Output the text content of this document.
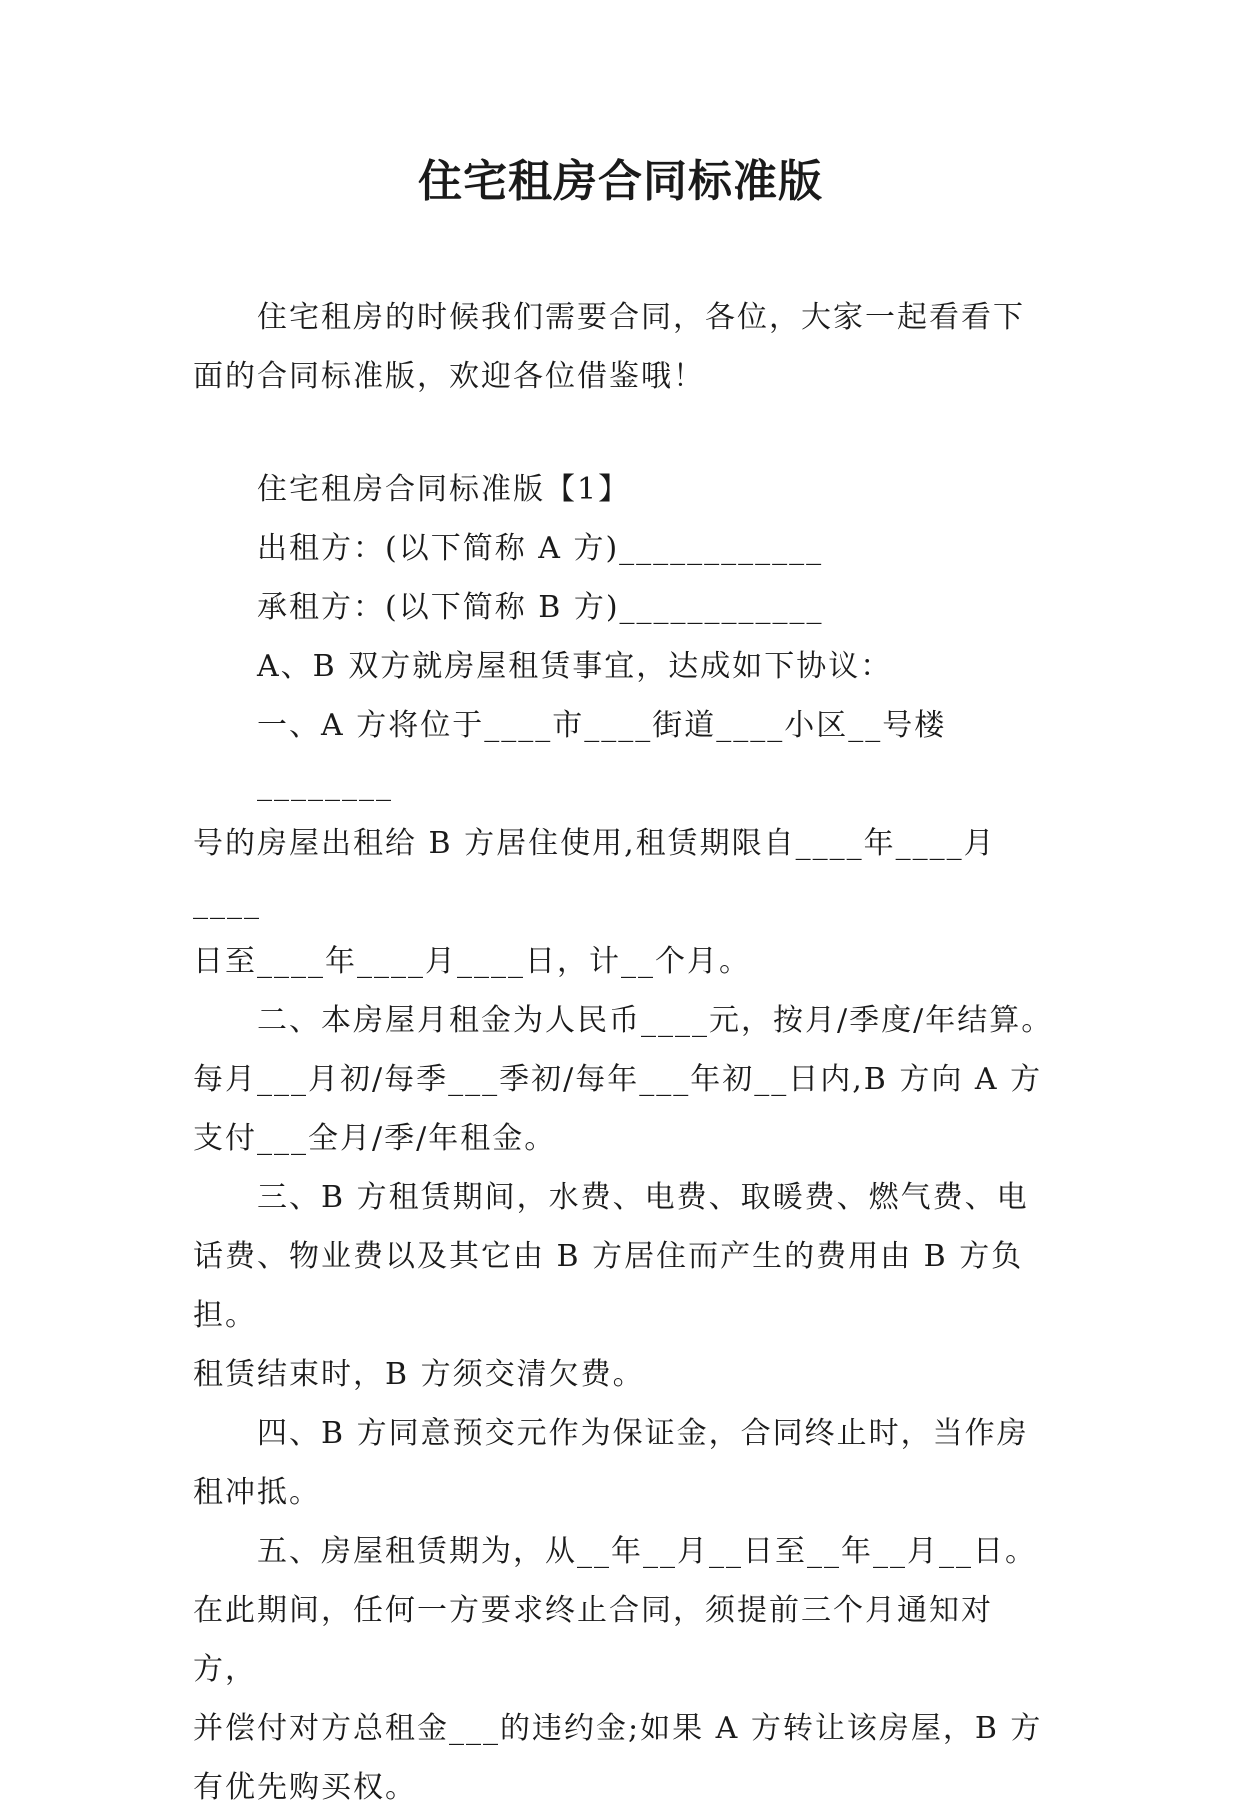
住宅租房合同标准版
住宅租房的时候我们需要合同，各位，大家一起看看下
面的合同标准版，欢迎各位借鉴哦！
住宅租房合同标准版【1】
出租方：(以下简称 A 方)____________
承租方：(以下简称 B 方)____________
A、B 双方就房屋租赁事宜，达成如下协议：
一、A 方将位于____市____街道____小区__号楼________
号的房屋出租给 B 方居住使用,租赁期限自____年____月____
日至____年____月____日，计__个月。
二、本房屋月租金为人民币____元，按月/季度/年结算。
每月___月初/每季___季初/每年___年初__日内,B 方向 A 方
支付___全月/季/年租金。
三、B 方租赁期间，水费、电费、取暖费、燃气费、电
话费、物业费以及其它由 B 方居住而产生的费用由 B 方负担。
租赁结束时，B 方须交清欠费。
四、B 方同意预交元作为保证金，合同终止时，当作房
租冲抵。
五、房屋租赁期为，从__年__月__日至__年__月__日。
在此期间，任何一方要求终止合同，须提前三个月通知对方，
并偿付对方总租金___的违约金;如果 A 方转让该房屋，B 方
有优先购买权。
